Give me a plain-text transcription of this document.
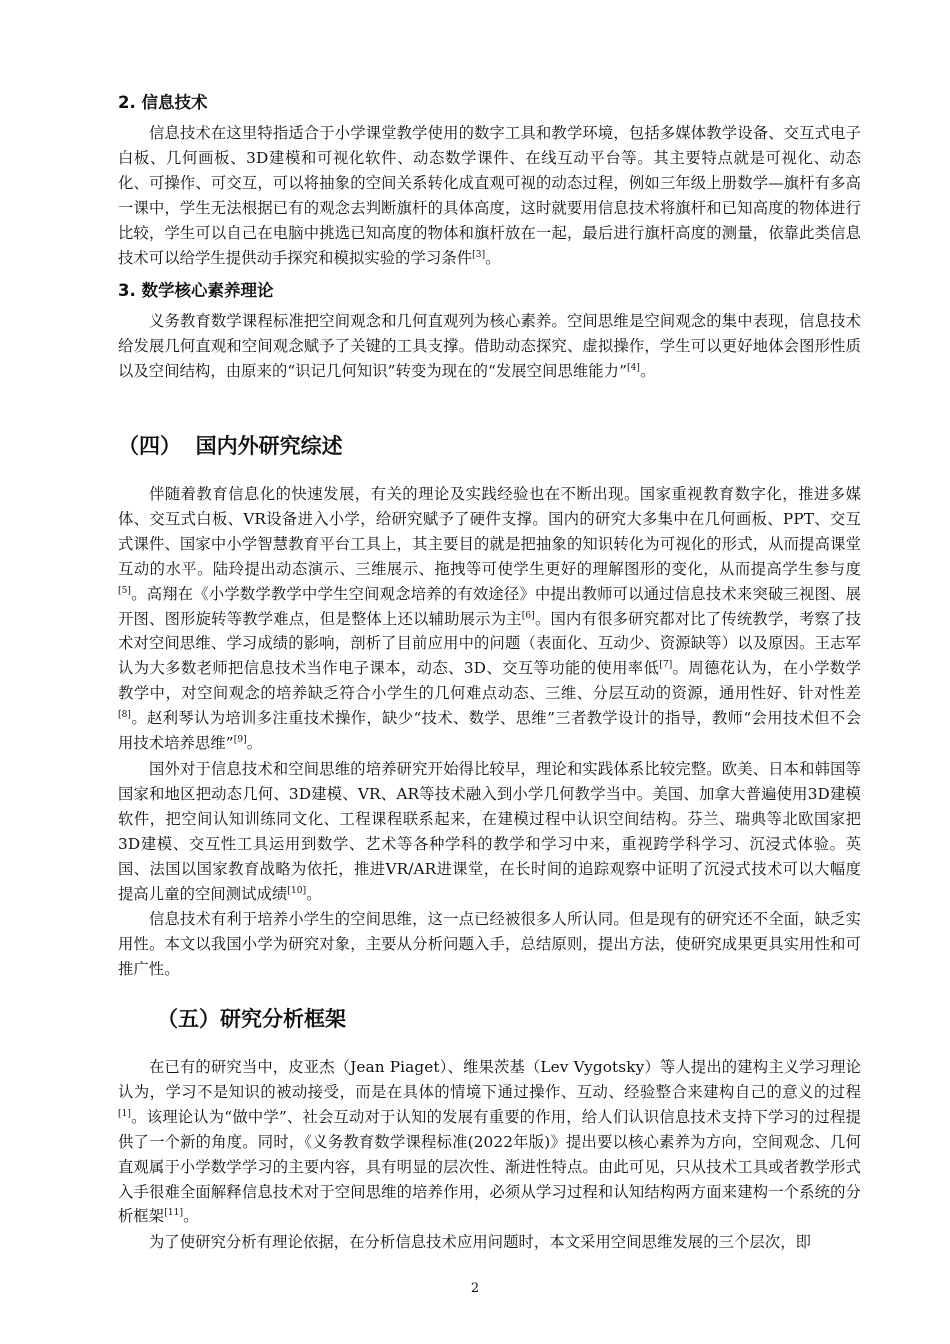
2. 信息技术

信息技术在这里特指适合于小学课堂教学使用的数字工具和教学环境，包括多媒体教学设备、交互式电子白板、几何画板、3D建模和可视化软件、动态数学课件、在线互动平台等。其主要特点就是可视化、动态化、可操作、可交互，可以将抽象的空间关系转化成直观可视的动态过程，例如三年级上册数学—旗杆有多高一课中，学生无法根据已有的观念去判断旗杆的具体高度，这时就要用信息技术将旗杆和已知高度的物体进行比较，学生可以自己在电脑中挑选已知高度的物体和旗杆放在一起，最后进行旗杆高度的测量，依靠此类信息技术可以给学生提供动手探究和模拟实验的学习条件[3]。

3. 数学核心素养理论

义务教育数学课程标准把空间观念和几何直观列为核心素养。空间思维是空间观念的集中表现，信息技术给发展几何直观和空间观念赋予了关键的工具支撑。借助动态探究、虚拟操作，学生可以更好地体会图形性质以及空间结构，由原来的“识记几何知识”转变为现在的“发展空间思维能力”[4]。

（四）  国内外研究综述

伴随着教育信息化的快速发展，有关的理论及实践经验也在不断出现。国家重视教育数字化，推进多媒体、交互式白板、VR设备进入小学，给研究赋予了硬件支撑。国内的研究大多集中在几何画板、PPT、交互式课件、国家中小学智慧教育平台工具上，其主要目的就是把抽象的知识转化为可视化的形式，从而提高课堂互动的水平。陆玲提出动态演示、三维展示、拖拽等可使学生更好的理解图形的变化，从而提高学生参与度[5]。高翔在《小学数学教学中学生空间观念培养的有效途径》中提出教师可以通过信息技术来突破三视图、展开图、图形旋转等教学难点，但是整体上还以辅助展示为主[6]。国内有很多研究都对比了传统教学，考察了技术对空间思维、学习成绩的影响，剖析了目前应用中的问题（表面化、互动少、资源缺等）以及原因。王志军认为大多数老师把信息技术当作电子课本，动态、3D、交互等功能的使用率低[7]。周德花认为，在小学数学教学中，对空间观念的培养缺乏符合小学生的几何难点动态、三维、分层互动的资源，通用性好、针对性差[8]。赵利琴认为培训多注重技术操作，缺少“技术、数学、思维”三者教学设计的指导，教师“会用技术但不会用技术培养思维”[9]。

国外对于信息技术和空间思维的培养研究开始得比较早，理论和实践体系比较完整。欧美、日本和韩国等国家和地区把动态几何、3D建模、VR、AR等技术融入到小学几何教学当中。美国、加拿大普遍使用3D建模软件，把空间认知训练同文化、工程课程联系起来，在建模过程中认识空间结构。芬兰、瑞典等北欧国家把3D建模、交互性工具运用到数学、艺术等各种学科的教学和学习中来，重视跨学科学习、沉浸式体验。英国、法国以国家教育战略为依托，推进VR/AR进课堂，在长时间的追踪观察中证明了沉浸式技术可以大幅度提高儿童的空间测试成绩[10]。

信息技术有利于培养小学生的空间思维，这一点已经被很多人所认同。但是现有的研究还不全面，缺乏实用性。本文以我国小学为研究对象，主要从分析问题入手，总结原则，提出方法，使研究成果更具实用性和可推广性。

（五）研究分析框架

在已有的研究当中，皮亚杰（Jean Piaget）、维果茨基（Lev Vygotsky）等人提出的建构主义学习理论认为，学习不是知识的被动接受，而是在具体的情境下通过操作、互动、经验整合来建构自己的意义的过程[1]。该理论认为“做中学”、社会互动对于认知的发展有重要的作用，给人们认识信息技术支持下学习的过程提供了一个新的角度。同时，《义务教育数学课程标准(2022年版)》提出要以核心素养为方向，空间观念、几何直观属于小学数学学习的主要内容，具有明显的层次性、渐进性特点。由此可见，只从技术工具或者教学形式入手很难全面解释信息技术对于空间思维的培养作用，必须从学习过程和认知结构两方面来建构一个系统的分析框架[11]。

为了使研究分析有理论依据，在分析信息技术应用问题时，本文采用空间思维发展的三个层次，即

2
